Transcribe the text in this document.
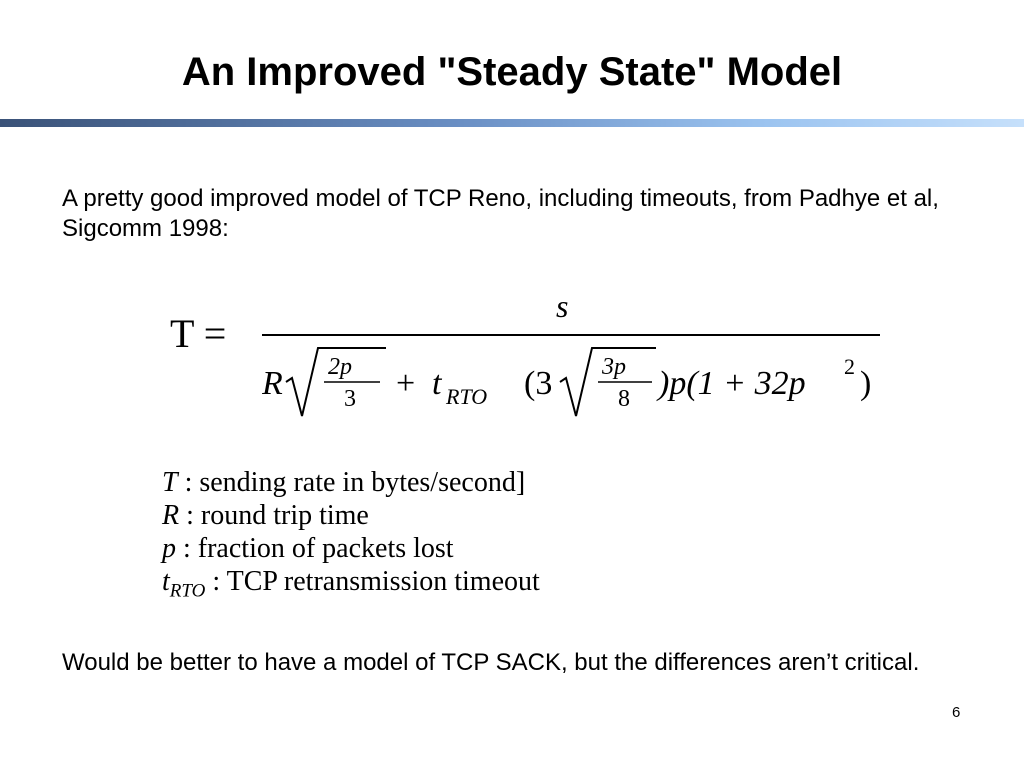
An Improved "Steady State" Model
A pretty good improved model of TCP Reno, including timeouts, from Padhye et al, Sigcomm 1998:
T =
s
R 2p
3 + t RTO (3 3p
8 )p(1 + 32p 2 )
T : sending rate in bytes/second]
R : round trip time
p : fraction of packets lost
$t_{RTO}$ : TCP retransmission timeout
Would be better to have a model of TCP SACK, but the differences aren’t critical.
6
